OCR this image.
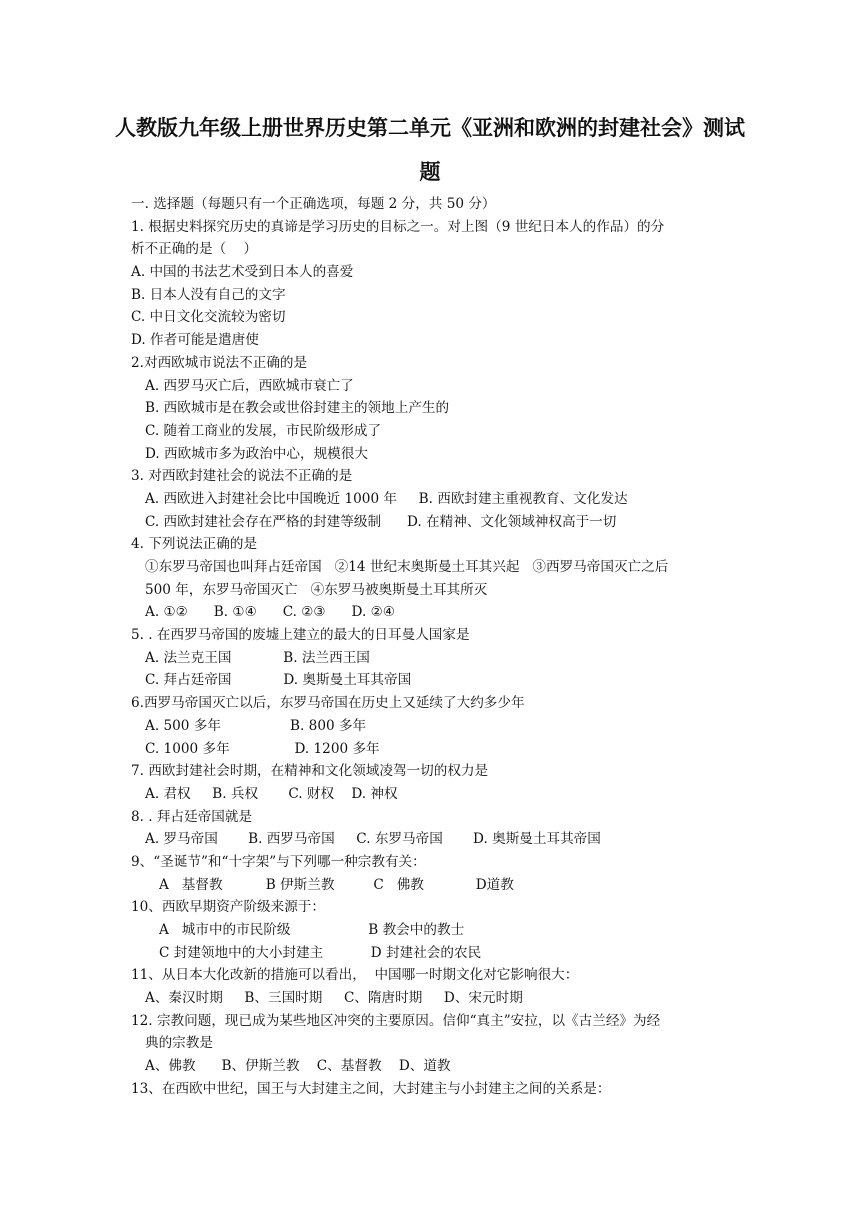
人教版九年级上册世界历史第二单元《亚洲和欧洲的封建社会》测试
题
一. 选择题（每题只有一个正确选项，每题 2 分，共 50 分）
1. 根据史料探究历史的真谛是学习历史的目标之一。对上图（9 世纪日本人的作品）的分
析不正确的是（    ）
A. 中国的书法艺术受到日本人的喜爱
B. 日本人没有自己的文字
C. 中日文化交流较为密切
D. 作者可能是遣唐使
2.对西欧城市说法不正确的是
A. 西罗马灭亡后，西欧城市衰亡了
B. 西欧城市是在教会或世俗封建主的领地上产生的
C. 随着工商业的发展，市民阶级形成了
D. 西欧城市多为政治中心，规模很大
3. 对西欧封建社会的说法不正确的是
A. 西欧进入封建社会比中国晚近 1000 年     B. 西欧封建主重视教育、文化发达
C. 西欧封建社会存在严格的封建等级制      D. 在精神、文化领域神权高于一切
4. 下列说法正确的是
①东罗马帝国也叫拜占廷帝国   ②14 世纪末奥斯曼土耳其兴起   ③西罗马帝国灭亡之后
500 年，东罗马帝国灭亡   ④东罗马被奥斯曼土耳其所灭
A. ①②      B. ①④      C. ②③      D. ②④
5. . 在西罗马帝国的废墟上建立的最大的日耳曼人国家是
A. 法兰克王国            B. 法兰西王国
C. 拜占廷帝国            D. 奥斯曼土耳其帝国
6.西罗马帝国灭亡以后，东罗马帝国在历史上又延续了大约多少年
A. 500 多年                B. 800 多年
C. 1000 多年               D. 1200 多年
7. 西欧封建社会时期，在精神和文化领域凌驾一切的权力是
A. 君权     B. 兵权       C. 财权    D. 神权
8. . 拜占廷帝国就是
A. 罗马帝国       B. 西罗马帝国     C. 东罗马帝国       D. 奥斯曼土耳其帝国
9、“圣诞节”和“十字架”与下列哪一种宗教有关：
A   基督教          B 伊斯兰教         C   佛教            D道教
10、西欧早期资产阶级来源于：
A   城市中的市民阶级                  B 教会中的教士
C 封建领地中的大小封建主           D 封建社会的农民
11、从日本大化改新的措施可以看出，  中国哪一时期文化对它影响很大：
A、秦汉时期     B、三国时期     C、隋唐时期     D、宋元时期
12. 宗教问题，现已成为某些地区冲突的主要原因。信仰“真主”安拉，以《古兰经》为经
典的宗教是
A、佛教      B、伊斯兰教    C、基督教    D、道教
13、在西欧中世纪，国王与大封建主之间，大封建主与小封建主之间的关系是：
